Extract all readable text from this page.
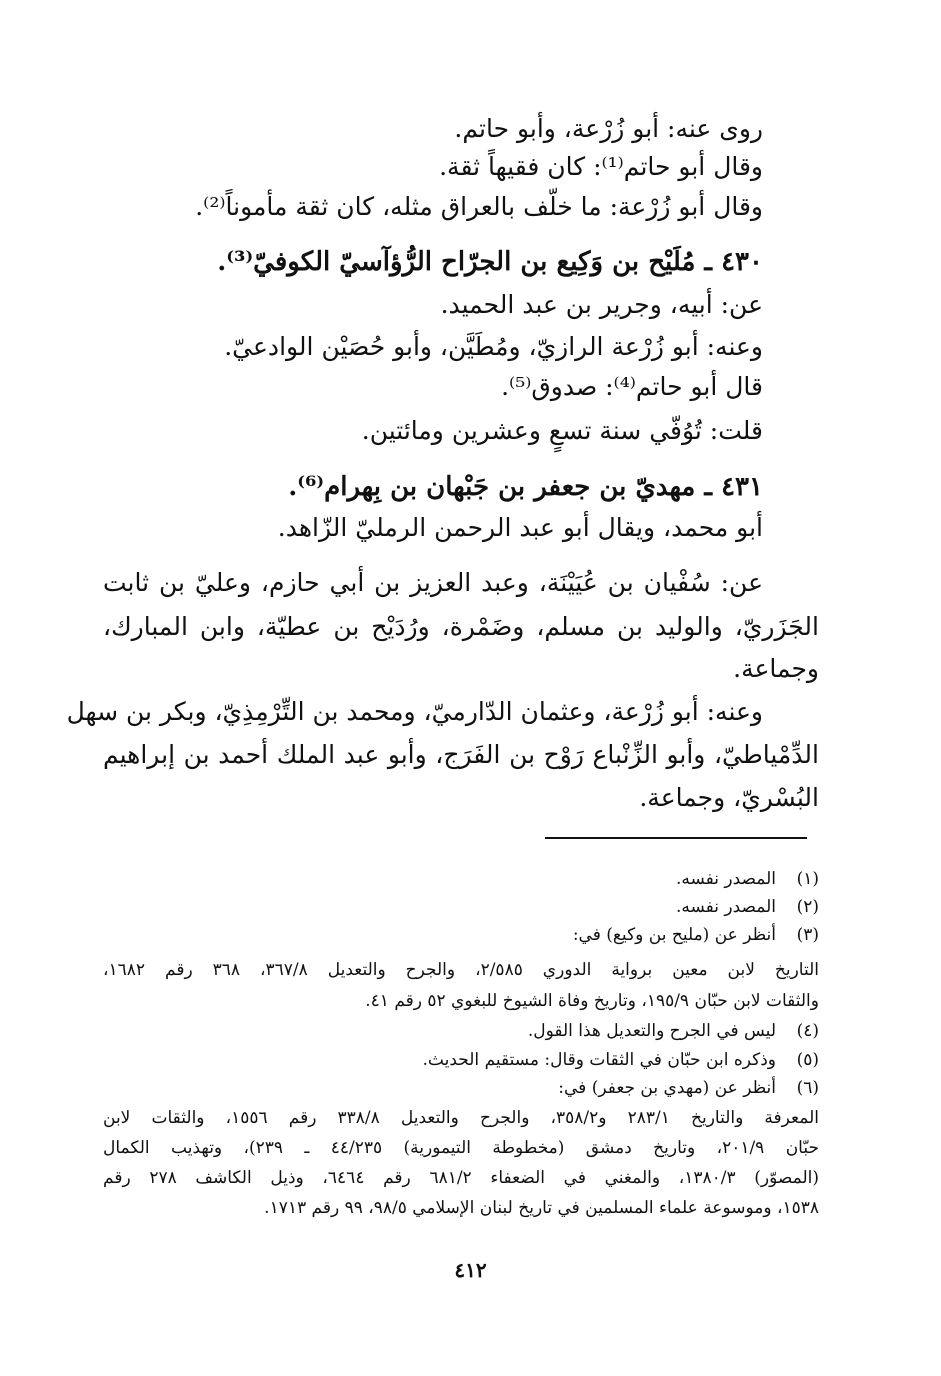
روى عنه: أبو زُرْعة، وأبو حاتم.
وقال أبو حاتم⁽¹⁾: كان فقيهاً ثقة.
وقال أبو زُرْعة: ما خلّف بالعراق مثله، كان ثقة مأموناً⁽²⁾.
٤٣٠ ـ مُلَيْح بن وَكِيع بن الجرّاح الرُّؤآسيّ الكوفيّ⁽³⁾.
عن: أبيه، وجرير بن عبد الحميد.
وعنه: أبو زُرْعة الرازيّ، ومُطَيَّن، وأبو حُصَيْن الوادعيّ.
قال أبو حاتم⁽⁴⁾: صدوق⁽⁵⁾.
قلت: تُوُفّي سنة تسعٍ وعشرين ومائتين.
٤٣١ ـ مهديّ بن جعفر بن جَبْهان بن بِهرام⁽⁶⁾.
أبو محمد، ويقال أبو عبد الرحمن الرمليّ الزّاهد.
عن: سُفْيان بن عُيَيْنَة، وعبد العزيز بن أبي حازم، وعليّ بن ثابت
الجَزَريّ، والوليد بن مسلم، وضَمْرة، ورُدَيْح بن عطيّة، وابن المبارك،
وجماعة.
وعنه: أبو زُرْعة، وعثمان الدّارميّ، ومحمد بن التِّرْمِذِيّ، وبكر بن سهل
الدِّمْياطيّ، وأبو الزِّنْباع رَوْح بن الفَرَج، وأبو عبد الملك أحمد بن إبراهيم
البُسْريّ، وجماعة.
(١)
المصدر نفسه.
(٢)
المصدر نفسه.
(٣)
أنظر عن (مليح بن وكيع) في:
التاريخ لابن معين برواية الدوري ٢/٥٨٥، والجرح والتعديل ٣٦٧/٨، ٣٦٨ رقم ١٦٨٢،
والثقات لابن حبّان ١٩٥/٩، وتاريخ وفاة الشيوخ للبغوي ٥٢ رقم ٤١.
(٤)
ليس في الجرح والتعديل هذا القول.
(٥)
وذكره ابن حبّان في الثقات وقال: مستقيم الحديث.
(٦)
أنظر عن (مهدي بن جعفر) في:
المعرفة والتاريخ ٢٨٣/١ و٣٥٨/٢، والجرح والتعديل ٣٣٨/٨ رقم ١٥٥٦، والثقات لابن
حبّان ٢٠١/٩، وتاريخ دمشق (مخطوطة التيمورية) ٤٤/٢٣٥ ـ ٢٣٩)، وتهذيب الكمال
(المصوّر) ١٣٨٠/٣، والمغني في الضعفاء ٦٨١/٢ رقم ٦٤٦٤، وذيل الكاشف ٢٧٨ رقم
١٥٣٨، وموسوعة علماء المسلمين في تاريخ لبنان الإسلامي ٩٨/٥، ٩٩ رقم ١٧١٣.
٤١٢
